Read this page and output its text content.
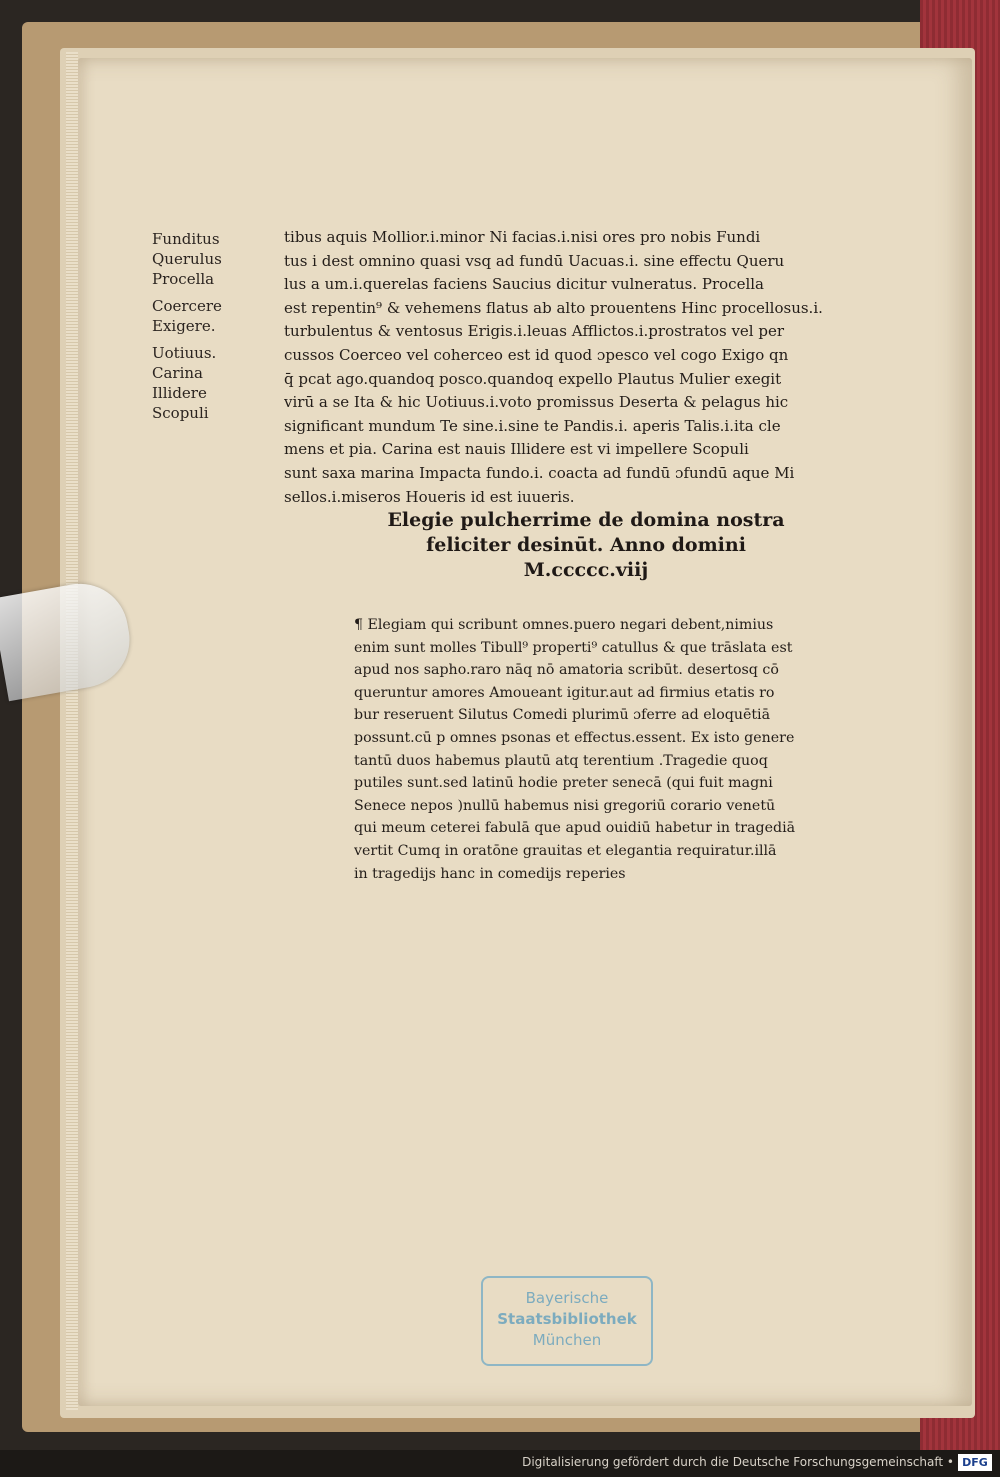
Funditus
Querulus
Procella
Coercere
Exigere.
Uotiuus.
Carina
Illidere
Scopuli
tibus aquis Mollior.i.minor Ni facias.i.nisi ores pro nobis Fundi
tus i dest omnino quasi vsq ad fundū Uacuas.i. sine effectu Queru
lus a um.i.querelas faciens Saucius dicitur vulneratus. Procella
est repentin⁹ & vehemens flatus ab alto prouentens Hinc procellosus.i.
turbulentus & ventosus Erigis.i.leuas Afflictos.i.prostratos vel per
cussos Coerceo vel coherceo est id quod ɔpesco vel cogo Exigo qn
q̄ pcat ago.quandoq posco.quandoq expello Plautus Mulier exegit
virū a se Ita & hic Uotiuus.i.voto promissus Deserta & pelagus hic
significant mundum Te sine.i.sine te Pandis.i. aperis Talis.i.ita cle
mens et pia. Carina est nauis Illidere est vi impellere Scopuli
sunt saxa marina Impacta fundo.i. coacta ad fundū ɔfundū aque Mi
sellos.i.miseros Houeris id est iuueris.
Elegie pulcherrime de domina nostra
feliciter desinūt. Anno domini
M.ccccc.viij
¶ Elegiam qui scribunt omnes.puero negari debent,nimius
enim sunt molles Tibull⁹ properti⁹ catullus & que trāslata est
apud nos sapho.raro nāq nō amatoria scribūt. desertosq cō
queruntur amores Amoueant igitur.aut ad firmius etatis ro
bur reseruent Silutus Comedi plurimū ɔferre ad eloquētiā
possunt.cū p omnes psonas et effectus.essent. Ex isto genere
tantū duos habemus plautū atq terentium .Tragedie quoq
putiles sunt.sed latinū hodie preter senecā (qui fuit magni
Senece nepos )nullū habemus nisi gregoriū corario venetū
qui meum ceterei fabulā que apud ouidiū habetur in tragediā
vertit Cumq in oratōne grauitas et elegantia requiratur.illā
in tragedijs hanc in comedijs reperies
Bayerische
Staatsbibliothek
München
Digitalisierung gefördert durch die Deutsche Forschungsgemeinschaft • DFG
